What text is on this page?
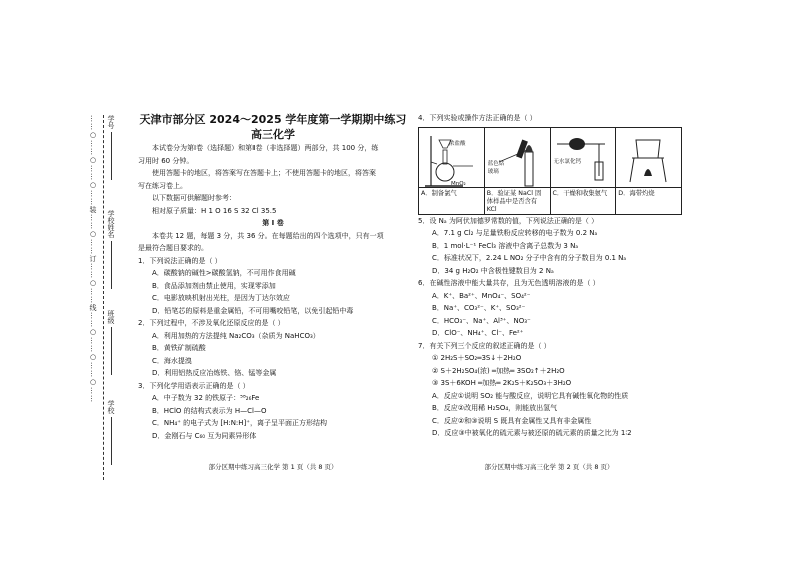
……○……○……○……装……○……订……○……线……○……○……○…… 学号
学校姓名
班级
学校

天津市部分区 2024～2025 学年度第一学期期中练习

高三化学

本试卷分为第Ⅰ卷（选择题）和第Ⅱ卷（非选择题）两部分，共 100 分，练

习用时 60 分钟。

使用答题卡的地区，将答案写在答题卡上；不使用答题卡的地区，将答案

写在练习卷上。

以下数据可供解题时参考：

相对原子质量：H 1 O 16 S 32 Cl 35.5

第 Ⅰ 卷

本卷共 12 题，每题 3 分，共 36 分。在每题给出的四个选项中，只有一项

是最符合题目要求的。

1．下列说法正确的是（ ）

A．碳酸钠的碱性>碳酸氢钠，不可用作食用碱

B．食品添加剂由禁止使用，实现零添加

C．电影放映机射出光柱，是因为丁达尔效应

D．铅笔芯的原料是重金属铅，不可用嘴咬铅笔，以免引起铅中毒

2．下列过程中，不涉及氧化还原反应的是（ ）

A．利用加热的方法提纯 Na₂CO₃（杂质为 NaHCO₃）

B．黄铁矿制硫酸

C．海水提溴

D．利用铝热反应冶炼铁、铬、锰等金属

3．下列化学用语表示正确的是（ ）

A．中子数为 32 的铁原子：⁵⁸₂₆Fe

B．HClO 的结构式表示为 H—Cl—O

C．NH₄⁺ 的电子式为 [H:N:H]⁺，离子呈平面正方形结构

D．金刚石与 C₆₀ 互为同素异形体

部分区期中练习高三化学 第 1 页（共 8 页）

4．下列实验或操作方法正确的是（ ）

浓盐酸
MnO₂
A．制备氯气
蓝色钴
玻璃
B．验证某 NaCl 固体样品中是否含有 KCl
无水氯化钙
C．干燥和收集氨气	D．海带灼烧

5．设 Nₐ 为阿伏加德罗常数的值，下列说法正确的是（ ）

A．7.1 g Cl₂ 与足量铁粉反应转移的电子数为 0.2 Nₐ

B．1 mol·L⁻¹ FeCl₃ 溶液中含离子总数为 3 Nₐ

C．标准状况下，2.24 L NO₂ 分子中含有的分子数目为 0.1 Nₐ

D．34 g H₂O₂ 中含极性键数目为 2 Nₐ

6．在碱性溶液中能大量共存，且为无色透明溶液的是（ ）

A．K⁺、Ba²⁺、MnO₄⁻、SO₄²⁻

B．Na⁺、CO₃²⁻、K⁺、SO₃²⁻

C．HCO₃⁻、Na⁺、Al³⁺、NO₃⁻

D．ClO⁻、NH₄⁺、Cl⁻、Fe²⁺

7．有关下列三个反应的叙述正确的是（ ）

① 2H₂S＋SO₂═3S↓＋2H₂O

② S＋2H₂SO₄(浓) ═加热═ 3SO₂↑＋2H₂O

③ 3S＋6KOH ═加热═ 2K₂S＋K₂SO₃＋3H₂O

A．反应①说明 SO₂ 能与酸反应，说明它具有碱性氧化物的性质

B．反应②改用稀 H₂SO₄，则能放出氢气

C．反应②和③说明 S 既具有金属性又具有非金属性

D．反应③中被氧化的硫元素与被还原的硫元素的质量之比为 1∶2

部分区期中练习高三化学 第 2 页（共 8 页）
